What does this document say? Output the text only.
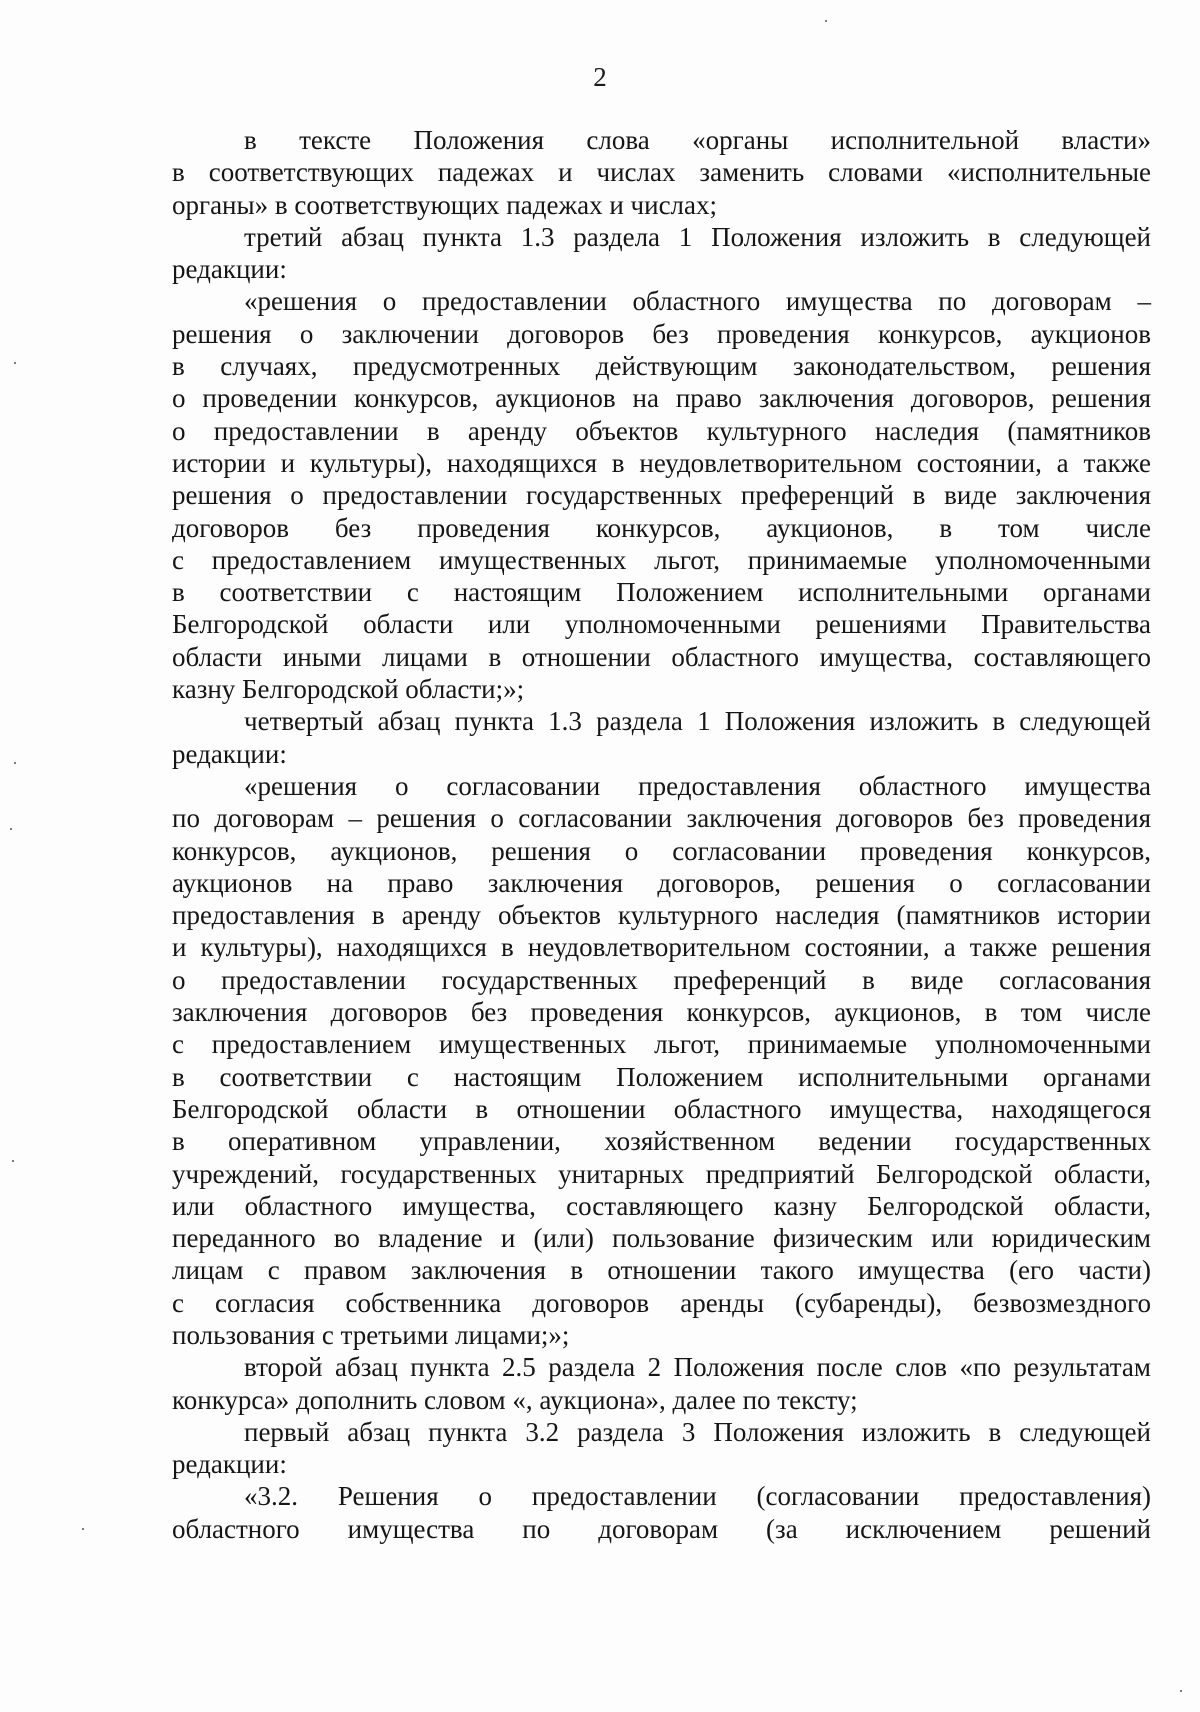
2

в тексте Положения слова «органы исполнительной власти»
в соответствующих падежах и числах заменить словами «исполнительные
органы» в соответствующих падежах и числах;

третий абзац пункта 1.3 раздела 1 Положения изложить в следующей
редакции:

«решения о предоставлении областного имущества по договорам –
решения о заключении договоров без проведения конкурсов, аукционов
в случаях, предусмотренных действующим законодательством, решения
о проведении конкурсов, аукционов на право заключения договоров, решения
о предоставлении в аренду объектов культурного наследия (памятников
истории и культуры), находящихся в неудовлетворительном состоянии, а также
решения о предоставлении государственных преференций в виде заключения
договоров без проведения конкурсов, аукционов, в том числе
с предоставлением имущественных льгот, принимаемые уполномоченными
в соответствии с настоящим Положением исполнительными органами
Белгородской области или уполномоченными решениями Правительства
области иными лицами в отношении областного имущества, составляющего
казну Белгородской области;»;

четвертый абзац пункта 1.3 раздела 1 Положения изложить в следующей
редакции:

«решения о согласовании предоставления областного имущества
по договорам – решения о согласовании заключения договоров без проведения
конкурсов, аукционов, решения о согласовании проведения конкурсов,
аукционов на право заключения договоров, решения о согласовании
предоставления в аренду объектов культурного наследия (памятников истории
и культуры), находящихся в неудовлетворительном состоянии, а также решения
о предоставлении государственных преференций в виде согласования
заключения договоров без проведения конкурсов, аукционов, в том числе
с предоставлением имущественных льгот, принимаемые уполномоченными
в соответствии с настоящим Положением исполнительными органами
Белгородской области в отношении областного имущества, находящегося
в оперативном управлении, хозяйственном ведении государственных
учреждений, государственных унитарных предприятий Белгородской области,
или областного имущества, составляющего казну Белгородской области,
переданного во владение и (или) пользование физическим или юридическим
лицам с правом заключения в отношении такого имущества (его части)
с согласия собственника договоров аренды (субаренды), безвозмездного
пользования с третьими лицами;»;

второй абзац пункта 2.5 раздела 2 Положения после слов «по результатам
конкурса» дополнить словом «, аукциона», далее по тексту;

первый абзац пункта 3.2 раздела 3 Положения изложить в следующей
редакции:

«3.2. Решения о предоставлении (согласовании предоставления)
областного имущества по договорам (за исключением решений
